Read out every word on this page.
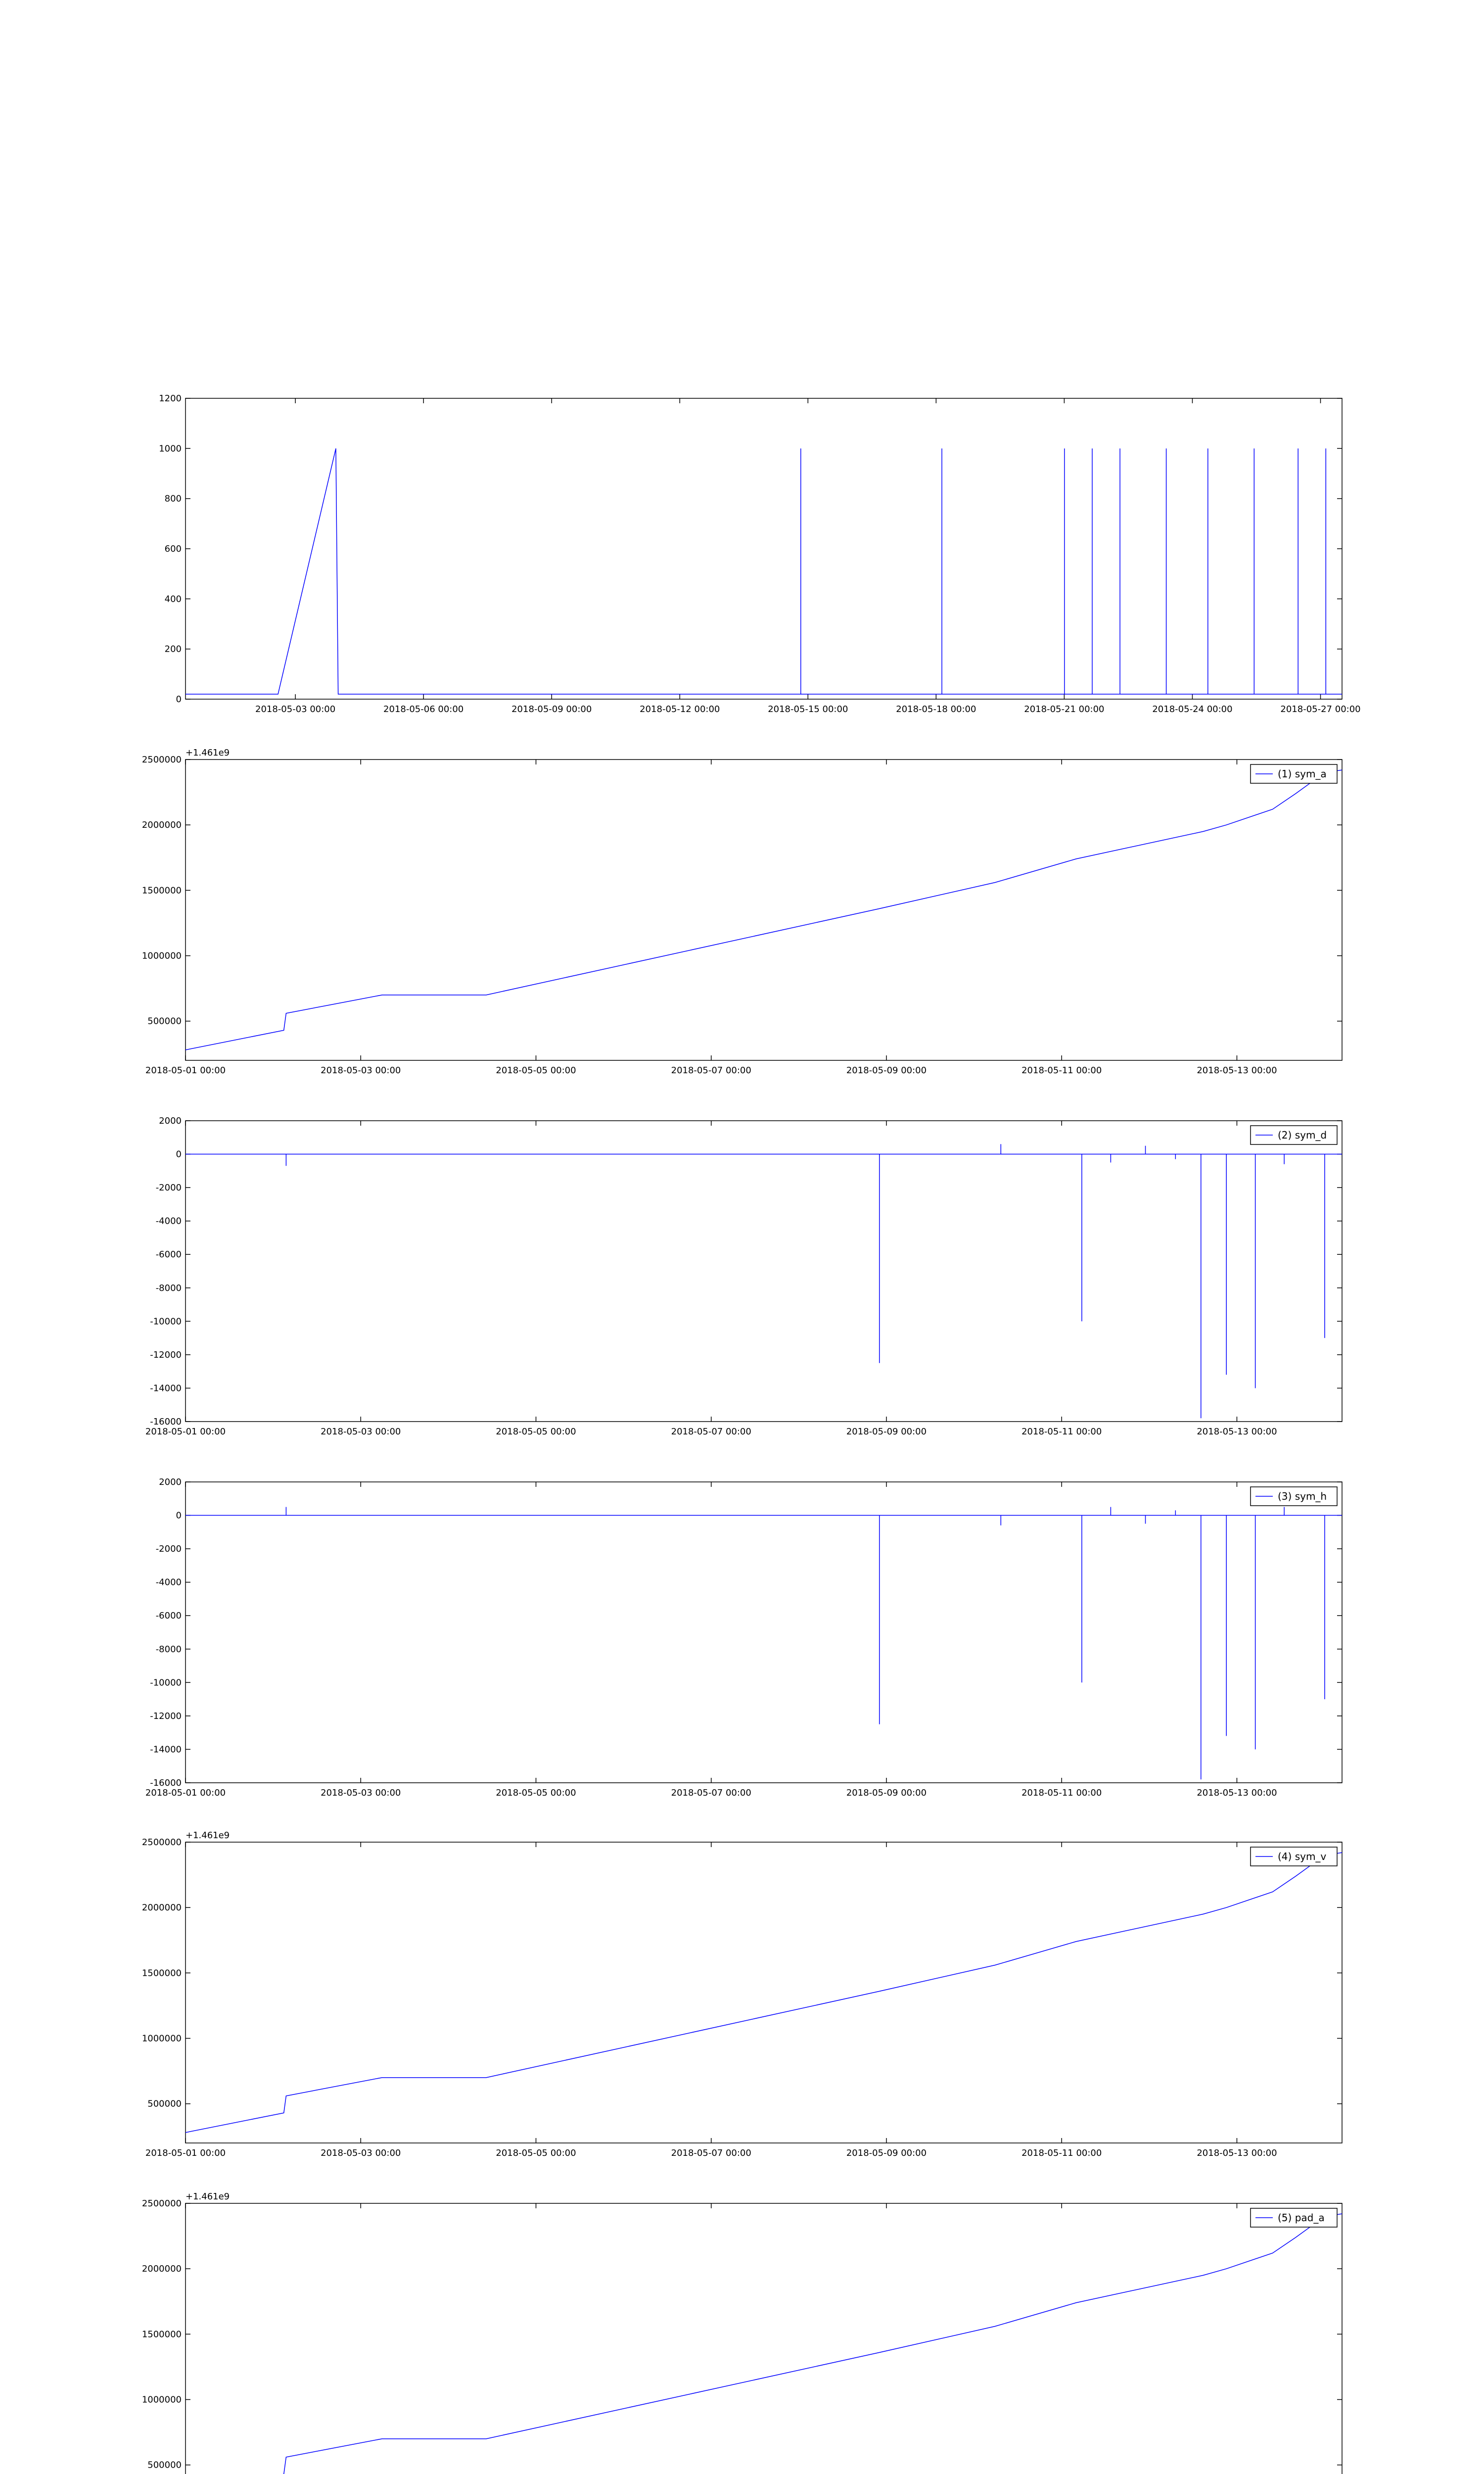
0
200
400
600
800
1000
1200
2018-05-03 00:00	2018-05-06 00:00	2018-05-09 00:00	2018-05-12 00:00	2018-05-15 00:00	2018-05-18 00:00	2018-05-21 00:00	2018-05-24 00:00	2018-05-27 00:00
500000
1000000
1500000
2000000
2500000
2018-05-01 00:00	2018-05-03 00:00	2018-05-05 00:00	2018-05-07 00:00	2018-05-09 00:00	2018-05-11 00:00	2018-05-13 00:00
+1.461e9
(1) sym_a
-16000
-14000
-12000
-10000
-8000
-6000
-4000
-2000
0
2000
2018-05-01 00:00	2018-05-03 00:00	2018-05-05 00:00	2018-05-07 00:00	2018-05-09 00:00	2018-05-11 00:00	2018-05-13 00:00
(2) sym_d
-16000
-14000
-12000
-10000
-8000
-6000
-4000
-2000
0
2000
2018-05-01 00:00	2018-05-03 00:00	2018-05-05 00:00	2018-05-07 00:00	2018-05-09 00:00	2018-05-11 00:00	2018-05-13 00:00
(3) sym_h
500000
1000000
1500000
2000000
2500000
2018-05-01 00:00	2018-05-03 00:00	2018-05-05 00:00	2018-05-07 00:00	2018-05-09 00:00	2018-05-11 00:00	2018-05-13 00:00
+1.461e9
(4) sym_v
500000
1000000
1500000
2000000
2500000
+1.461e9
(5) pad_a
